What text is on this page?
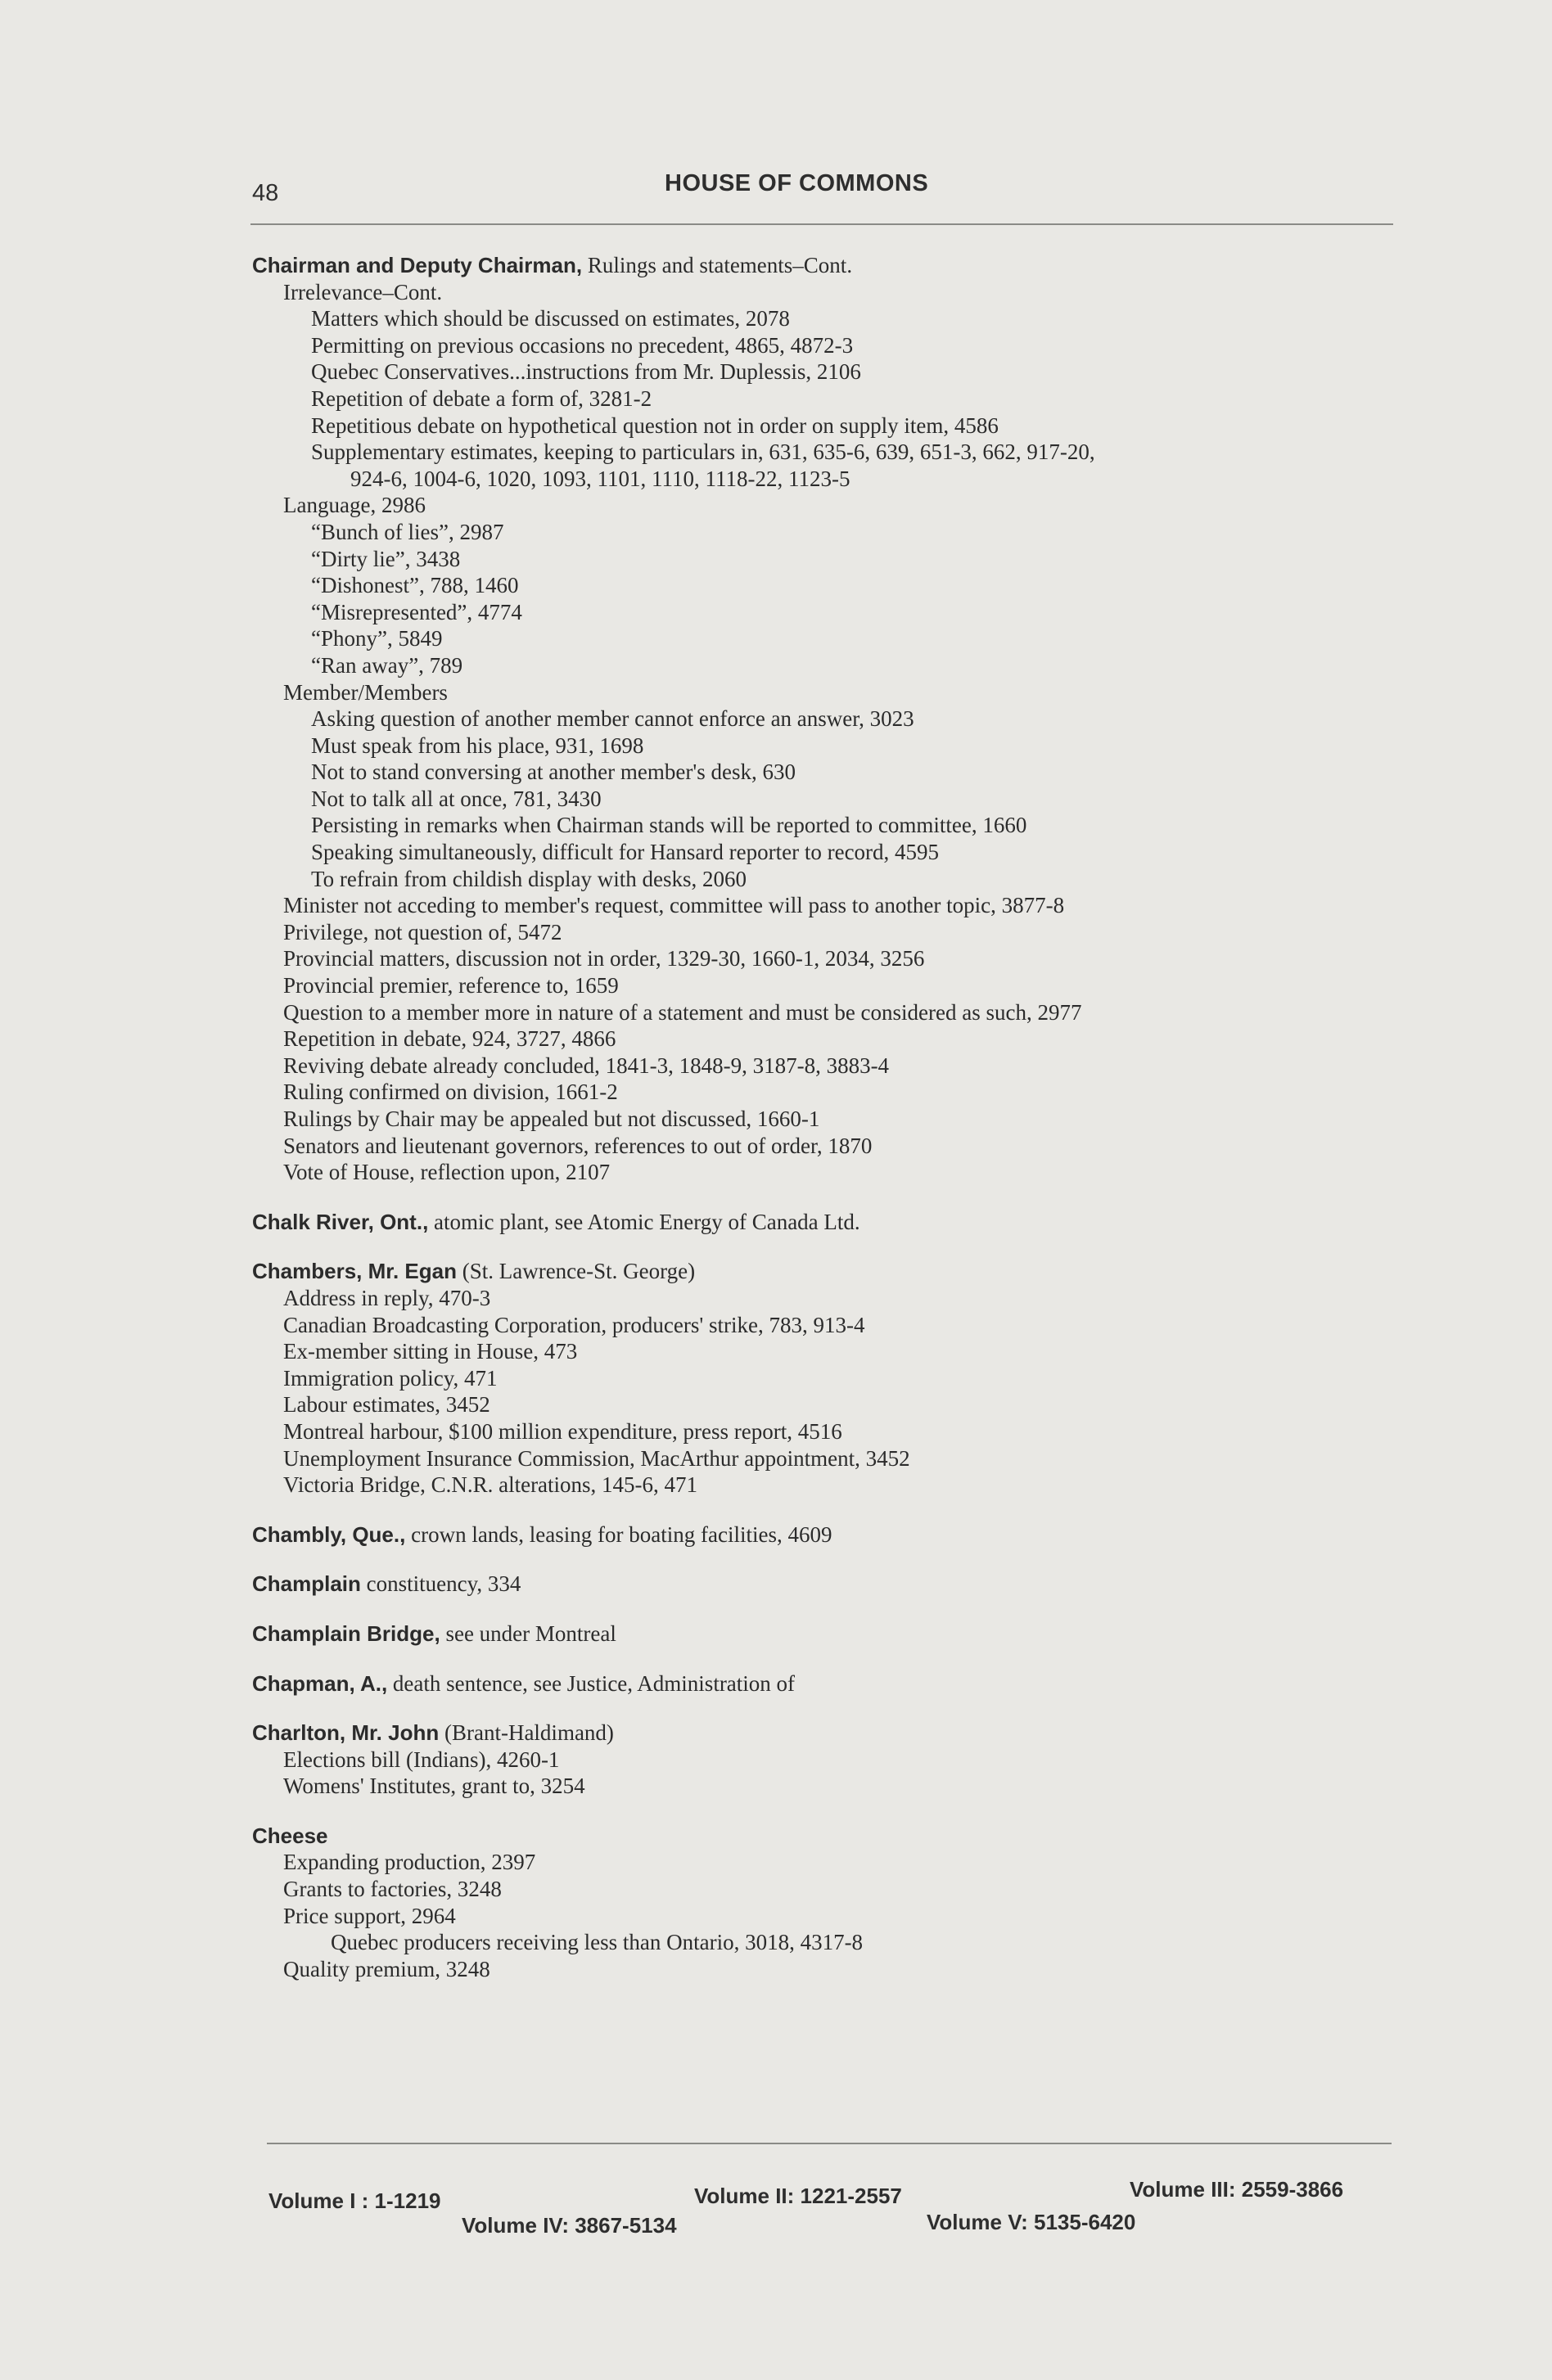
48	HOUSE OF COMMONS
Chairman and Deputy Chairman, Rulings and statements–Cont.
Irrelevance–Cont.
Matters which should be discussed on estimates, 2078
Permitting on previous occasions no precedent, 4865, 4872-3
Quebec Conservatives...instructions from Mr. Duplessis, 2106
Repetition of debate a form of, 3281-2
Repetitious debate on hypothetical question not in order on supply item, 4586
Supplementary estimates, keeping to particulars in, 631, 635-6, 639, 651-3, 662, 917-20,
924-6, 1004-6, 1020, 1093, 1101, 1110, 1118-22, 1123-5
Language, 2986
“Bunch of lies”, 2987
“Dirty lie”, 3438
“Dishonest”, 788, 1460
“Misrepresented”, 4774
“Phony”, 5849
“Ran away”, 789
Member/Members
Asking question of another member cannot enforce an answer, 3023
Must speak from his place, 931, 1698
Not to stand conversing at another member's desk, 630
Not to talk all at once, 781, 3430
Persisting in remarks when Chairman stands will be reported to committee, 1660
Speaking simultaneously, difficult for Hansard reporter to record, 4595
To refrain from childish display with desks, 2060
Minister not acceding to member's request, committee will pass to another topic, 3877-8
Privilege, not question of, 5472
Provincial matters, discussion not in order, 1329-30, 1660-1, 2034, 3256
Provincial premier, reference to, 1659
Question to a member more in nature of a statement and must be considered as such, 2977
Repetition in debate, 924, 3727, 4866
Reviving debate already concluded, 1841-3, 1848-9, 3187-8, 3883-4
Ruling confirmed on division, 1661-2
Rulings by Chair may be appealed but not discussed, 1660-1
Senators and lieutenant governors, references to out of order, 1870
Vote of House, reflection upon, 2107
Chalk River, Ont., atomic plant, see Atomic Energy of Canada Ltd.
Chambers, Mr. Egan (St. Lawrence-St. George)
Address in reply, 470-3
Canadian Broadcasting Corporation, producers' strike, 783, 913-4
Ex-member sitting in House, 473
Immigration policy, 471
Labour estimates, 3452
Montreal harbour, $100 million expenditure, press report, 4516
Unemployment Insurance Commission, MacArthur appointment, 3452
Victoria Bridge, C.N.R. alterations, 145-6, 471
Chambly, Que., crown lands, leasing for boating facilities, 4609
Champlain constituency, 334
Champlain Bridge, see under Montreal
Chapman, A., death sentence, see Justice, Administration of
Charlton, Mr. John (Brant-Haldimand)
Elections bill (Indians), 4260-1
Womens' Institutes, grant to, 3254
Cheese
Expanding production, 2397
Grants to factories, 3248
Price support, 2964
Quebec producers receiving less than Ontario, 3018, 4317-8
Quality premium, 3248
Volume I : 1-1219	Volume II: 1221-2557	Volume III: 2559-3866
Volume IV: 3867-5134	Volume V: 5135-6420
